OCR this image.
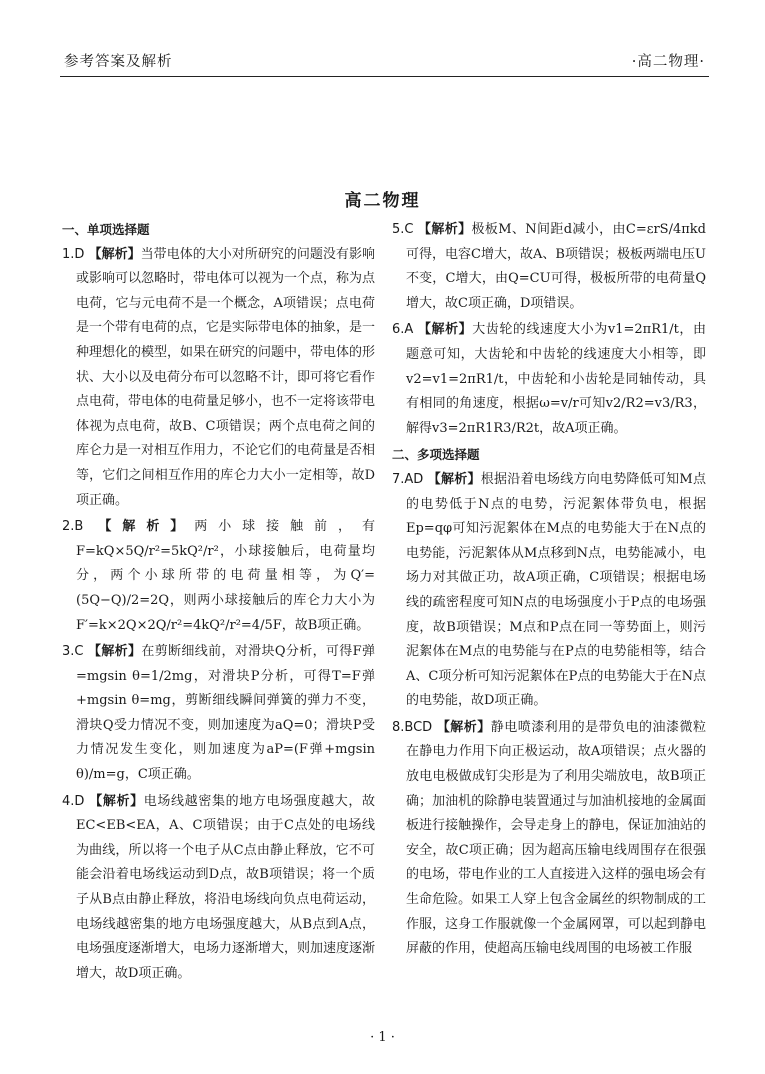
参考答案及解析	·高二物理·
高二物理

一、单项选择题

1.D 【解析】当带电体的大小对所研究的问题没有影响或影响可以忽略时，带电体可以视为一个点，称为点电荷，它与元电荷不是一个概念，A项错误；点电荷是一个带有电荷的点，它是实际带电体的抽象，是一种理想化的模型，如果在研究的问题中，带电体的形状、大小以及电荷分布可以忽略不计，即可将它看作点电荷，带电体的电荷量足够小，也不一定将该带电体视为点电荷，故B、C项错误；两个点电荷之间的库仑力是一对相互作用力，不论它们的电荷量是否相等，它们之间相互作用的库仑力大小一定相等，故D项正确。
2.B 【解析】两小球接触前，有F=kQ×5Q/r²=5kQ²/r²，小球接触后，电荷量均分，两个小球所带的电荷量相等，为Q′=(5Q−Q)/2=2Q，则两小球接触后的库仑力大小为F′=k×2Q×2Q/r²=4kQ²/r²=4/5F，故B项正确。
3.C 【解析】在剪断细线前，对滑块Q分析，可得F弹=mgsin θ=1/2mg，对滑块P分析，可得T=F弹+mgsin θ=mg，剪断细线瞬间弹簧的弹力不变，滑块Q受力情况不变，则加速度为aQ=0；滑块P受力情况发生变化，则加速度为aP=(F弹+mgsin θ)/m=g，C项正确。
4.D 【解析】电场线越密集的地方电场强度越大，故EC<EB<EA，A、C项错误；由于C点处的电场线为曲线，所以将一个电子从C点由静止释放，它不可能会沿着电场线运动到D点，故B项错误；将一个质子从B点由静止释放，将沿电场线向负点电荷运动，电场线越密集的地方电场强度越大，从B点到A点，电场强度逐渐增大，电场力逐渐增大，则加速度逐渐增大，故D项正确。
5.C 【解析】极板M、N间距d减小，由C=εrS/4πkd可得，电容C增大，故A、B项错误；极板两端电压U不变，C增大，由Q=CU可得，极板所带的电荷量Q增大，故C项正确，D项错误。
6.A 【解析】大齿轮的线速度大小为v1=2πR1/t，由题意可知，大齿轮和中齿轮的线速度大小相等，即v2=v1=2πR1/t，中齿轮和小齿轮是同轴传动，具有相同的角速度，根据ω=v/r可知v2/R2=v3/R3，解得v3=2πR1R3/R2t，故A项正确。

二、多项选择题

7.AD 【解析】根据沿着电场线方向电势降低可知M点的电势低于N点的电势，污泥絮体带负电，根据Ep=qφ可知污泥絮体在M点的电势能大于在N点的电势能，污泥絮体从M点移到N点，电势能减小，电场力对其做正功，故A项正确，C项错误；根据电场线的疏密程度可知N点的电场强度小于P点的电场强度，故B项错误；M点和P点在同一等势面上，则污泥絮体在M点的电势能与在P点的电势能相等，结合A、C项分析可知污泥絮体在P点的电势能大于在N点的电势能，故D项正确。
8.BCD 【解析】静电喷漆利用的是带负电的油漆微粒在静电力作用下向正极运动，故A项错误；点火器的放电电极做成钉尖形是为了利用尖端放电，故B项正确；加油机的除静电装置通过与加油机接地的金属面板进行接触操作，会导走身上的静电，保证加油站的安全，故C项正确；因为超高压输电线周围存在很强的电场，带电作业的工人直接进入这样的强电场会有生命危险。如果工人穿上包含金属丝的织物制成的工作服，这身工作服就像一个金属网罩，可以起到静电屏蔽的作用，使超高压输电线周围的电场被工作服
· 1 ·
